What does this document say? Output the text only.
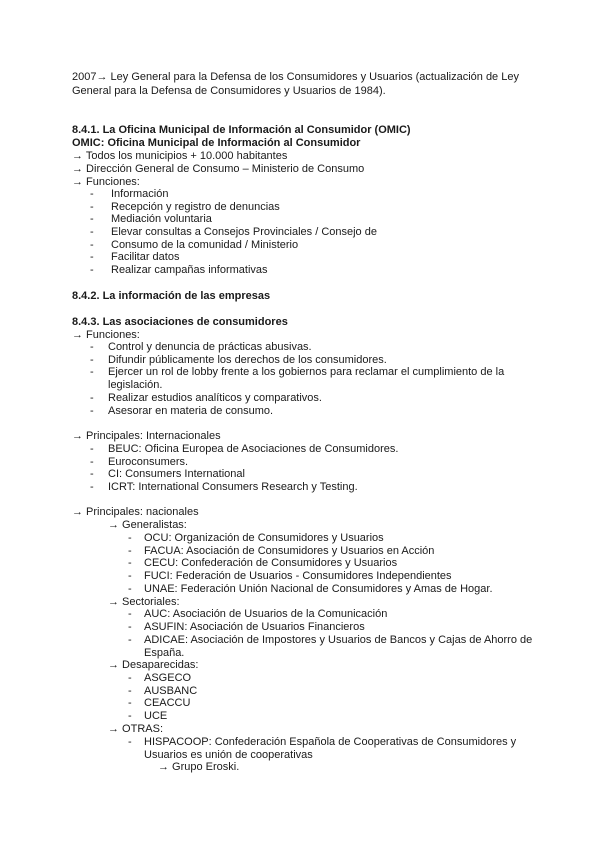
2007→ Ley General para la Defensa de los Consumidores y Usuarios (actualización de Ley
General para la Defensa de Consumidores y Usuarios de 1984).
8.4.1. La Oficina Municipal de Información al Consumidor (OMIC)
OMIC: Oficina Municipal de Información al Consumidor
→ Todos los municipios + 10.000 habitantes
→ Dirección General de Consumo – Ministerio de Consumo
→ Funciones:
- Información
- Recepción y registro de denuncias
- Mediación voluntaria
- Elevar consultas a Consejos Provinciales / Consejo de
- Consumo de la comunidad / Ministerio
- Facilitar datos
- Realizar campañas informativas
8.4.2. La información de las empresas
8.4.3. Las asociaciones de consumidores
→ Funciones:
- Control y denuncia de prácticas abusivas.
- Difundir públicamente los derechos de los consumidores.
- Ejercer un rol de lobby frente a los gobiernos para reclamar el cumplimiento de la
legislación.
- Realizar estudios analíticos y comparativos.
- Asesorar en materia de consumo.
→ Principales: Internacionales
- BEUC: Oficina Europea de Asociaciones de Consumidores.
- Euroconsumers.
- CI: Consumers International
- ICRT: International Consumers Research y Testing.
→ Principales: nacionales
→ Generalistas:
- OCU: Organización de Consumidores y Usuarios
- FACUA: Asociación de Consumidores y Usuarios en Acción
- CECU: Confederación de Consumidores y Usuarios
- FUCI: Federación de Usuarios - Consumidores Independientes
- UNAE: Federación Unión Nacional de Consumidores y Amas de Hogar.
→ Sectoriales:
- AUC: Asociación de Usuarios de la Comunicación
- ASUFIN: Asociación de Usuarios Financieros
- ADICAE: Asociación de Impostores y Usuarios de Bancos y Cajas de Ahorro de
España.
→ Desaparecidas:
- ASGECO
- AUSBANC
- CEACCU
- UCE
→ OTRAS:
- HISPACOOP: Confederación Española de Cooperativas de Consumidores y
Usuarios es unión de cooperativas
→ Grupo Eroski.
